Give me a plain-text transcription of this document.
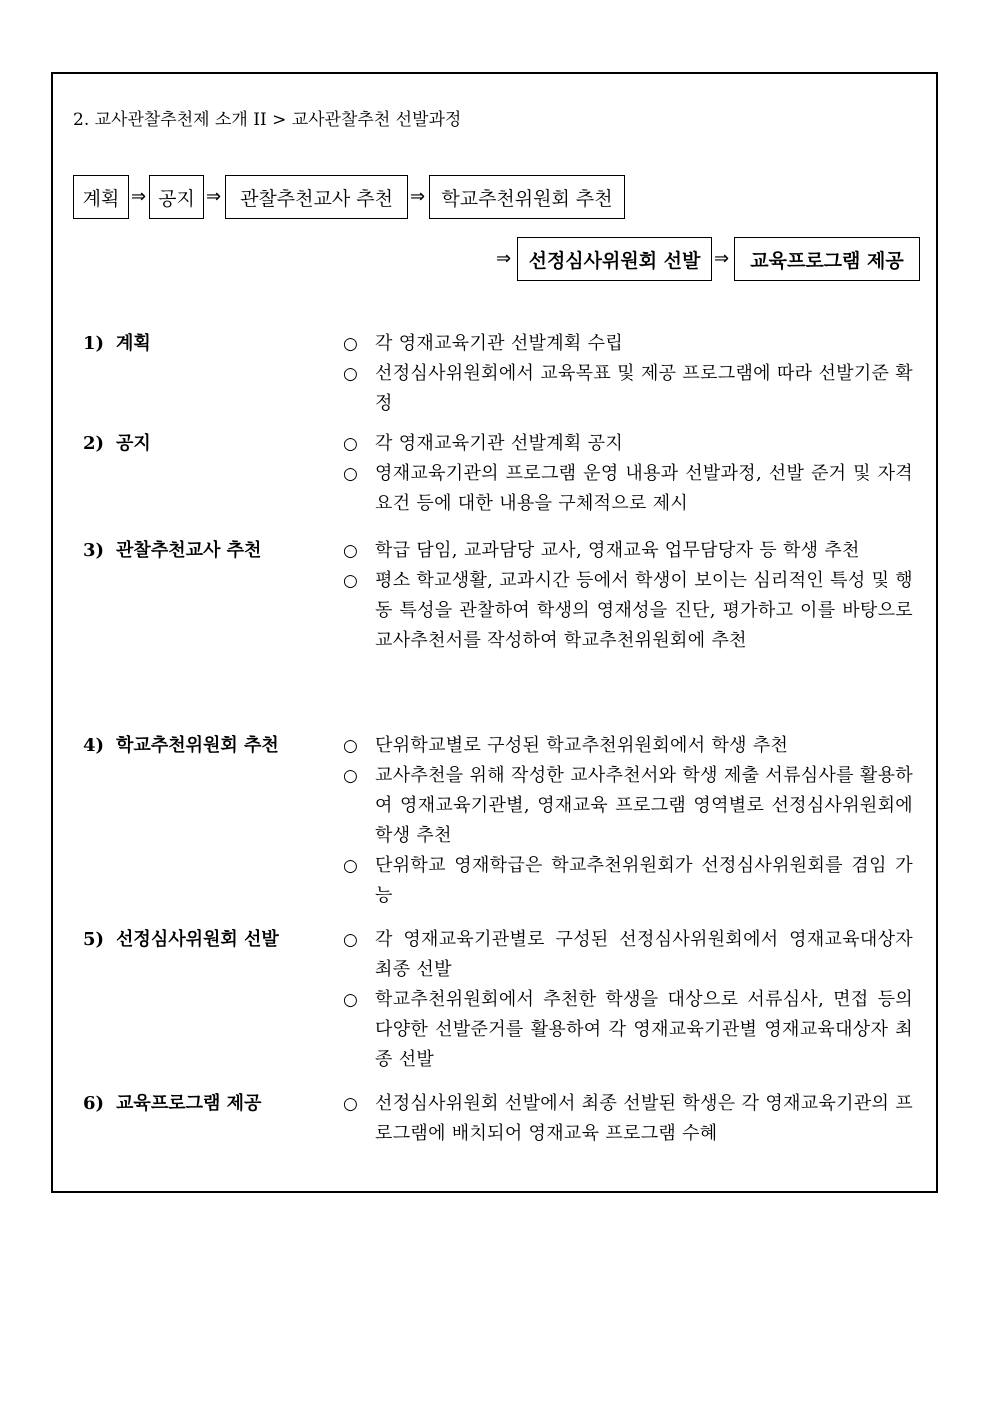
2. 교사관찰추천제 소개 II > 교사관찰추천 선발과정
계획 ⇒ 공지 ⇒ 관찰추천교사 추천 ⇒ 학교추천위원회 추천
⇒ 선정심사위원회 선발 ⇒	교육프로그램 제공
1) 계획	○ 각 영재교육기관 선발계획 수립
○ 선정심사위원회에서 교육목표 및 제공 프로그램에 따라 선발기준 확정
2) 공지	○ 각 영재교육기관 선발계획 공지
○ 영재교육기관의 프로그램 운영 내용과 선발과정, 선발 준거 및 자격요건 등에 대한 내용을 구체적으로 제시
3) 관찰추천교사 추천	○ 학급 담임, 교과담당 교사, 영재교육 업무담당자 등 학생 추천
○ 평소 학교생활, 교과시간 등에서 학생이 보이는 심리적인 특성 및 행동 특성을 관찰하여 학생의 영재성을 진단, 평가하고 이를 바탕으로 교사추천서를 작성하여 학교추천위원회에 추천
4) 학교추천위원회 추천	○ 단위학교별로 구성된 학교추천위원회에서 학생 추천
○ 교사추천을 위해 작성한 교사추천서와 학생 제출 서류심사를 활용하여 영재교육기관별, 영재교육 프로그램 영역별로 선정심사위원회에 학생 추천
○ 단위학교 영재학급은 학교추천위원회가 선정심사위원회를 겸임 가능
5) 선정심사위원회 선발	○ 각 영재교육기관별로 구성된 선정심사위원회에서 영재교육대상자 최종 선발
○ 학교추천위원회에서 추천한 학생을 대상으로 서류심사, 면접 등의 다양한 선발준거를 활용하여 각 영재교육기관별 영재교육대상자 최종 선발
6) 교육프로그램 제공	○ 선정심사위원회 선발에서 최종 선발된 학생은 각 영재교육기관의 프로그램에 배치되어 영재교육 프로그램 수혜
